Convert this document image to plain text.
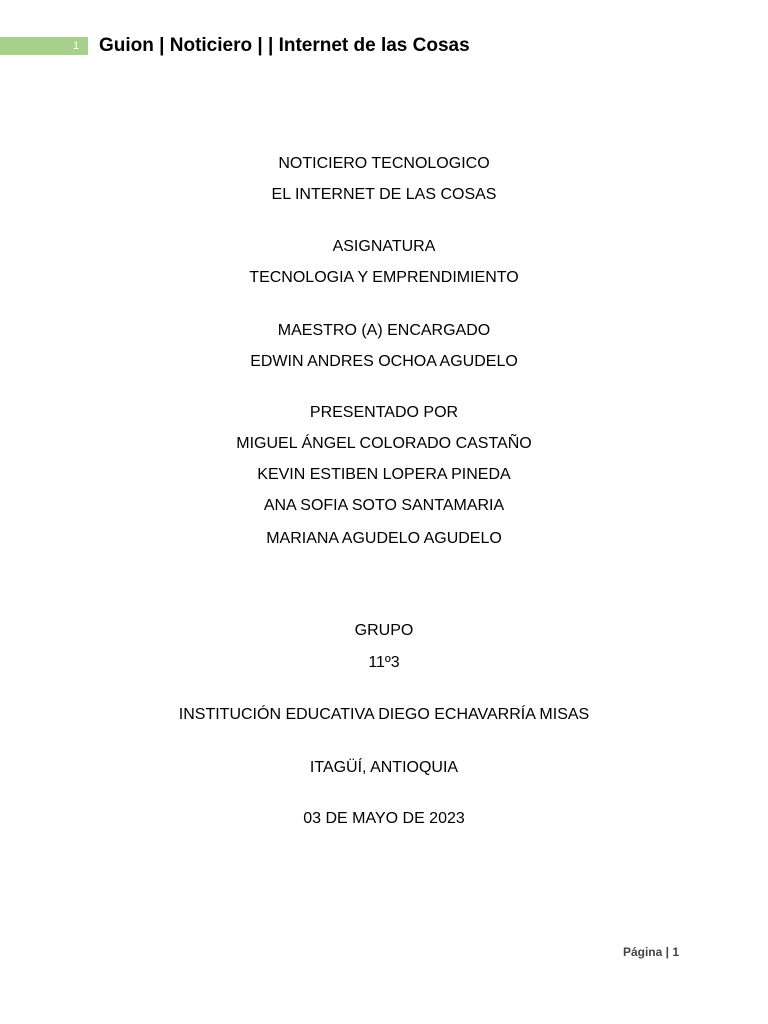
1 Guion | Noticiero | | Internet de las Cosas
NOTICIERO TECNOLOGICO
EL INTERNET DE LAS COSAS
ASIGNATURA
TECNOLOGIA Y EMPRENDIMIENTO
MAESTRO (A) ENCARGADO
EDWIN ANDRES OCHOA AGUDELO
PRESENTADO POR
MIGUEL ÁNGEL COLORADO CASTAÑO
KEVIN ESTIBEN LOPERA PINEDA
ANA SOFIA SOTO SANTAMARIA
MARIANA AGUDELO AGUDELO
GRUPO
11º3
INSTITUCIÓN EDUCATIVA DIEGO ECHAVARRÍA MISAS
ITAGÜÍ, ANTIOQUIA
03 DE MAYO DE 2023
Página | 1
